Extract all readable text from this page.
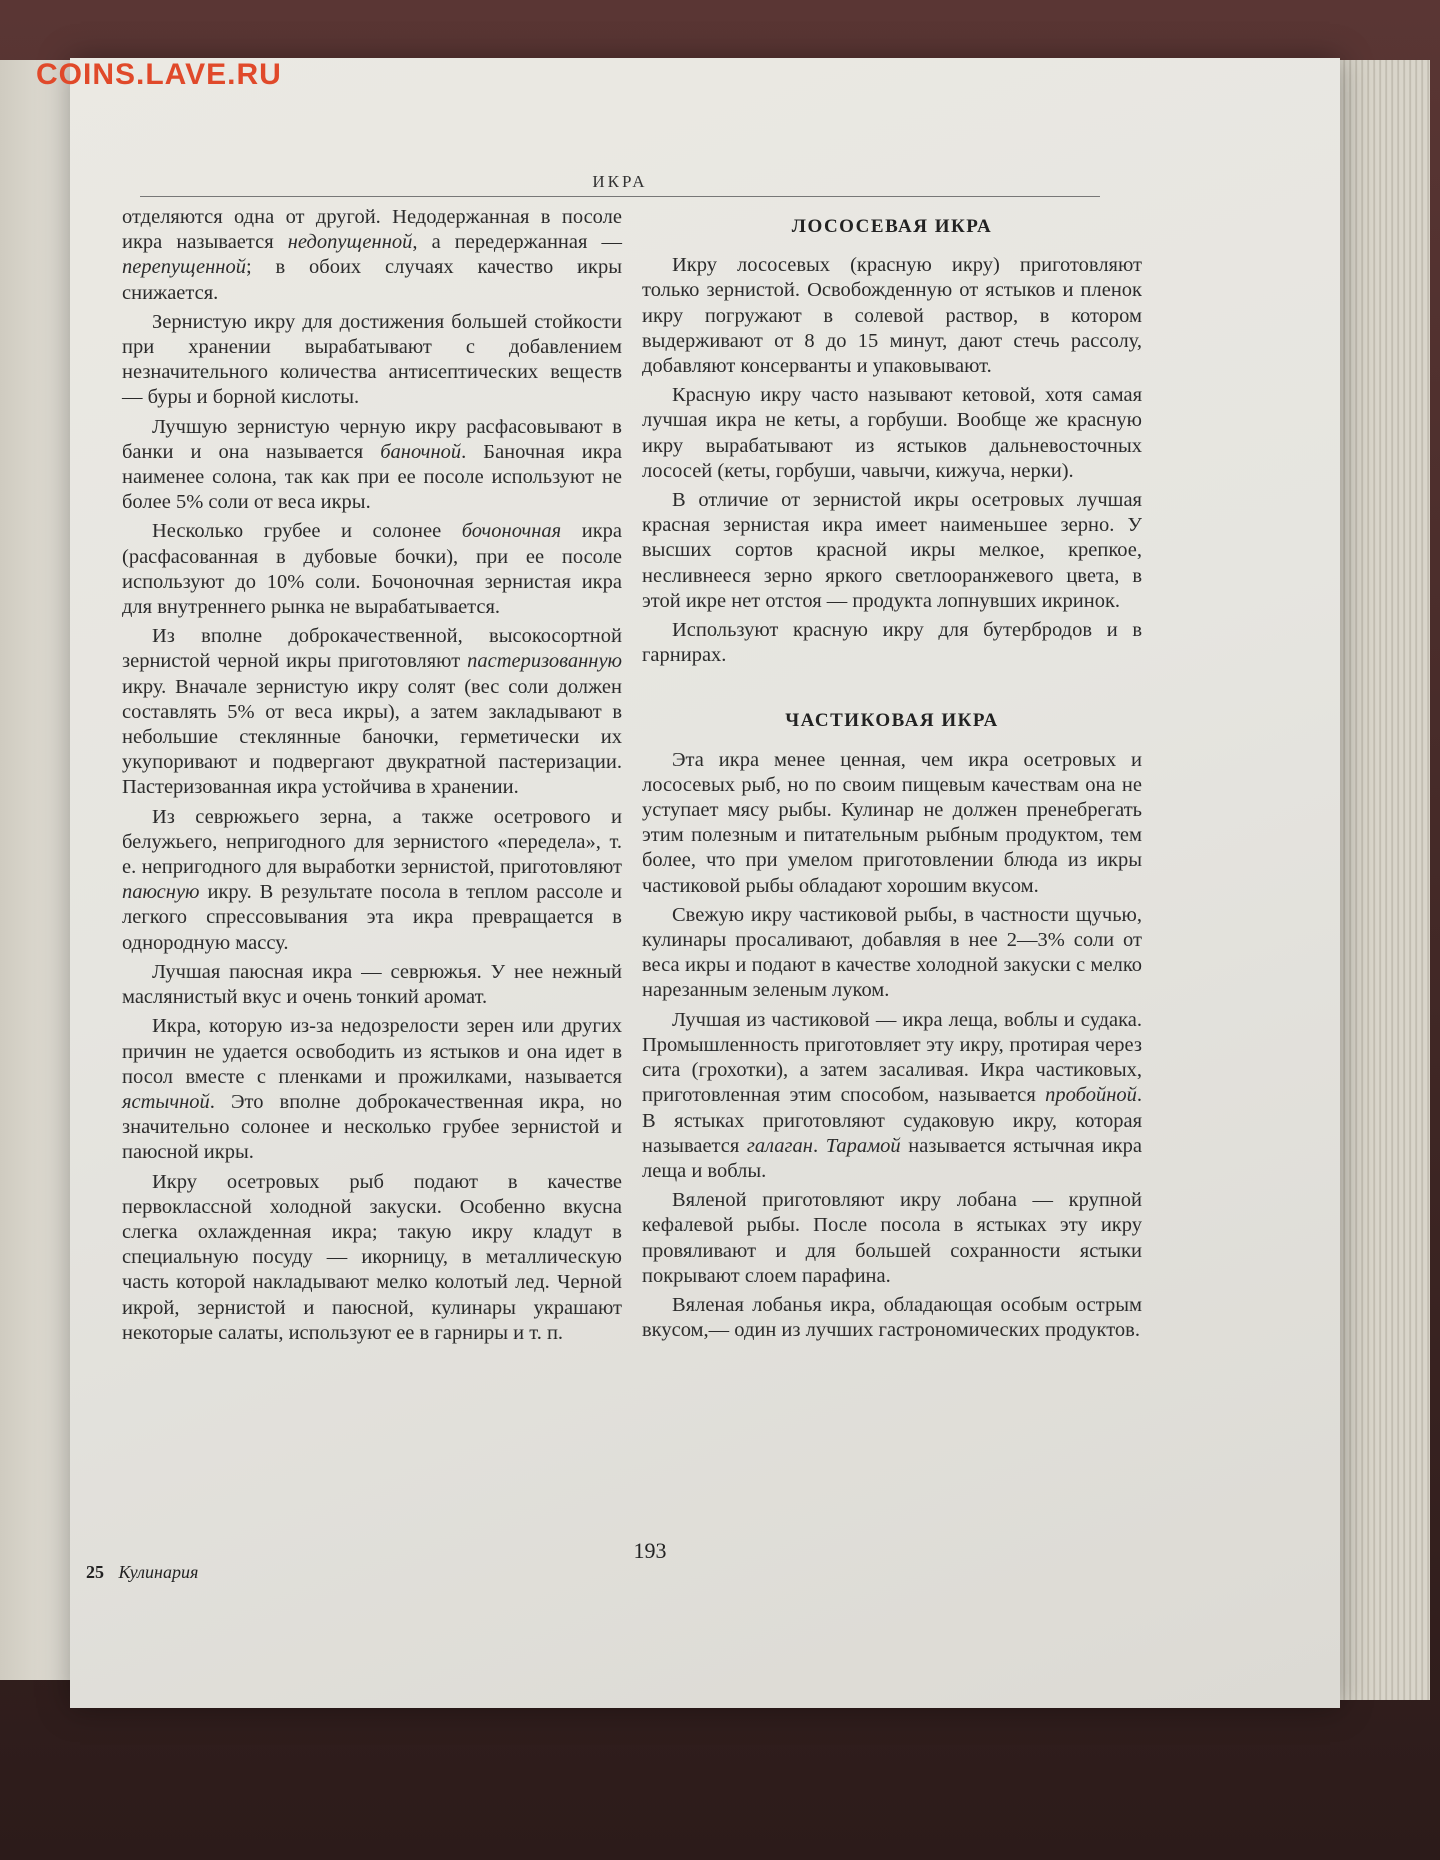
COINS.LAVE.RU
ИКРА

отделяются одна от другой. Недодержанная в посоле икра называется недопущенной, а передержанная — перепущенной; в обоих случаях качество икры снижается.

Зернистую икру для достижения большей стойкости при хранении вырабатывают с добавлением незначительного количества антисептических веществ — буры и борной кислоты.

Лучшую зернистую черную икру расфасовывают в банки и она называется баночной. Баночная икра наименее солона, так как при ее посоле используют не более 5% соли от веса икры.

Несколько грубее и солонее бочоночная икра (расфасованная в дубовые бочки), при ее посоле используют до 10% соли. Бочоночная зернистая икра для внутреннего рынка не вырабатывается.

Из вполне доброкачественной, высокосортной зернистой черной икры приготовляют пастеризованную икру. Вначале зернистую икру солят (вес соли должен составлять 5% от веса икры), а затем закладывают в небольшие стеклянные баночки, герметически их укупоривают и подвергают двукратной пастеризации. Пастеризованная икра устойчива в хранении.

Из севрюжьего зерна, а также осетрового и белужьего, непригодного для зернистого «передела», т. е. непригодного для выработки зернистой, приготовляют паюсную икру. В результате посола в теплом рассоле и легкого спрессовывания эта икра превращается в однородную массу.

Лучшая паюсная икра — севрюжья. У нее нежный маслянистый вкус и очень тонкий аромат.

Икра, которую из-за недозрелости зерен или других причин не удается освободить из ястыков и она идет в посол вместе с пленками и прожилками, называется ястычной. Это вполне доброкачественная икра, но значительно солонее и несколько грубее зернистой и паюсной икры.

Икру осетровых рыб подают в качестве первоклассной холодной закуски. Особенно вкусна слегка охлажденная икра; такую икру кладут в специальную посуду — икорницу, в металлическую часть которой накладывают мелко колотый лед. Черной икрой, зернистой и паюсной, кулинары украшают некоторые салаты, используют ее в гарниры и т. п.

ЛОСОСЕВАЯ ИКРА

Икру лососевых (красную икру) приготовляют только зернистой. Освобожденную от ястыков и пленок икру погружают в солевой раствор, в котором выдерживают от 8 до 15 минут, дают стечь рассолу, добавляют консерванты и упаковывают.

Красную икру часто называют кетовой, хотя самая лучшая икра не кеты, а горбуши. Вообще же красную икру вырабатывают из ястыков дальневосточных лососей (кеты, горбуши, чавычи, кижуча, нерки).

В отличие от зернистой икры осетровых лучшая красная зернистая икра имеет наименьшее зерно. У высших сортов красной икры мелкое, крепкое, несливнееся зерно яркого светлооранжевого цвета, в этой икре нет отстоя — продукта лопнувших икринок.

Используют красную икру для бутербродов и в гарнирах.

ЧАСТИКОВАЯ ИКРА

Эта икра менее ценная, чем икра осетровых и лососевых рыб, но по своим пищевым качествам она не уступает мясу рыбы. Кулинар не должен пренебрегать этим полезным и питательным рыбным продуктом, тем более, что при умелом приготовлении блюда из икры частиковой рыбы обладают хорошим вкусом.

Свежую икру частиковой рыбы, в частности щучью, кулинары просаливают, добавляя в нее 2—3% соли от веса икры и подают в качестве холодной закуски с мелко нарезанным зеленым луком.

Лучшая из частиковой — икра леща, воблы и судака. Промышленность приготовляет эту икру, протирая через сита (грохотки), а затем засаливая. Икра частиковых, приготовленная этим способом, называется пробойной. В ястыках приготовляют судаковую икру, которая называется галаган. Тарамой называется ястычная икра леща и воблы.

Вяленой приготовляют икру лобана — крупной кефалевой рыбы. После посола в ястыках эту икру провяливают и для большей сохранности ястыки покрывают слоем парафина.

Вяленая лобанья икра, обладающая особым острым вкусом,— один из лучших гастрономических продуктов.

193
25 Кулинария
